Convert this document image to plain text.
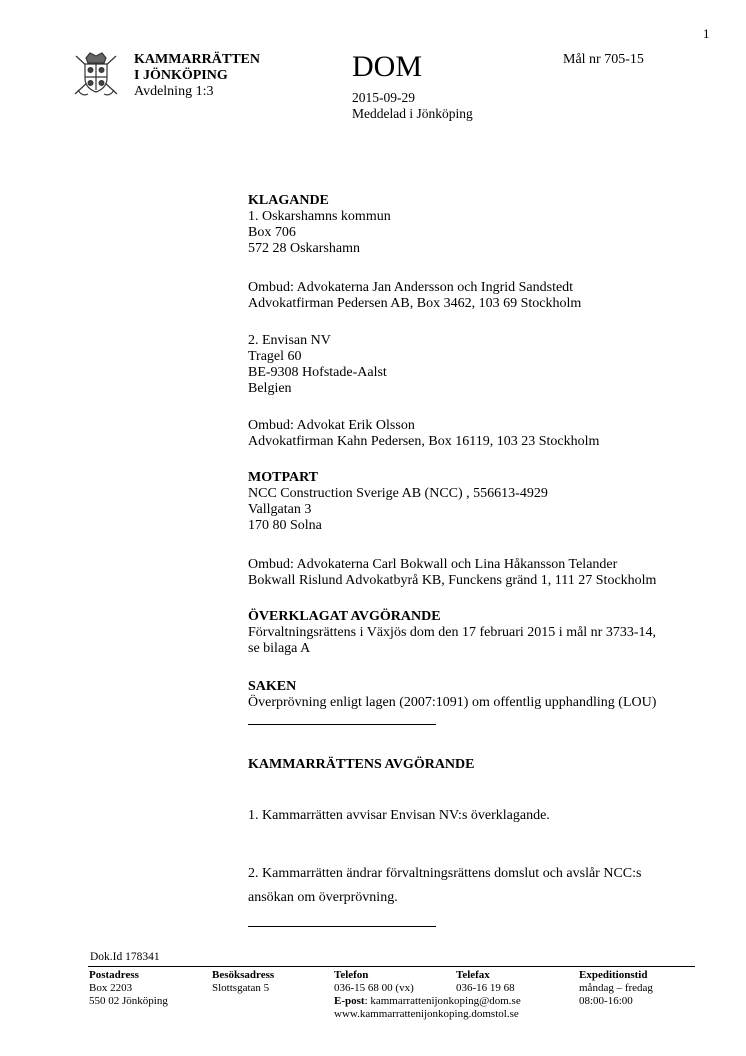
1
KAMMARRÄTTEN
I JÖNKÖPING
Avdelning 1:3
DOM
2015-09-29
Meddelad i Jönköping
Mål nr 705-15
KLAGANDE
1. Oskarshamns kommun
Box 706
572 28 Oskarshamn
Ombud: Advokaterna Jan Andersson och Ingrid Sandstedt
Advokatfirman Pedersen AB, Box 3462, 103 69 Stockholm
2. Envisan NV
Tragel 60
BE-9308 Hofstade-Aalst
Belgien
Ombud: Advokat Erik Olsson
Advokatfirman Kahn Pedersen, Box 16119, 103 23 Stockholm
MOTPART
NCC Construction Sverige AB (NCC) , 556613-4929
Vallgatan 3
170 80 Solna
Ombud: Advokaterna Carl Bokwall och Lina Håkansson Telander
Bokwall Rislund Advokatbyrå KB, Funckens gränd 1, 111 27 Stockholm
ÖVERKLAGAT AVGÖRANDE
Förvaltningsrättens i Växjös dom den 17 februari 2015 i mål nr 3733-14,
se bilaga A
SAKEN
Överprövning enligt lagen (2007:1091) om offentlig upphandling (LOU)
KAMMARRÄTTENS AVGÖRANDE
1. Kammarrätten avvisar Envisan NV:s överklagande.
2. Kammarrätten ändrar förvaltningsrättens domslut och avslår NCC:s
ansökan om överprövning.
Dok.Id 178341
Postadress
Box 2203
550 02 Jönköping
Besöksadress
Slottsgatan 5
Telefon
036-15 68 00 (vx)
E-post: kammarrattenijonkoping@dom.se
www.kammarrattenijonkoping.domstol.se
Telefax
036-16 19 68
Expeditionstid
måndag – fredag
08:00-16:00
